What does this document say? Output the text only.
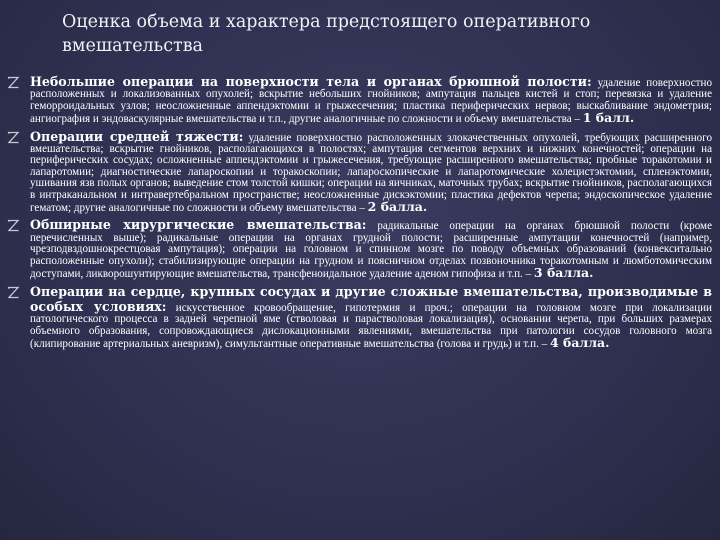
Оценка объема и характера предстоящего оперативного вмешательства
Небольшие операции на поверхности тела и органах брюшной полости: удаление поверхностно расположенных и локализованных опухолей; вскрытие небольших гнойников; ампутация пальцев кистей и стоп; перевязка и удаление геморроидальных узлов; неосложненные аппендэктомии и грыжесечения; пластика периферических нервов; выскабливание эндометрия; ангиография и эндоваскулярные вмешательства и т.п., другие аналогичные по сложности и объему вмешательства – 1 балл.
Операции средней тяжести: удаление поверхностно расположенных злокачественных опухолей, требующих расширенного вмешательства; вскрытие гнойников, располагающихся в полостях; ампутация сегментов верхних и нижних конечностей; операции на периферических сосудах; осложненные аппендэктомии и грыжесечения, требующие расширенного вмешательства; пробные торакотомии и лапаротомии; диагностические лапароскопии и торакоскопии; лапароскопические и лапаротомические холецистэктомии, спленэктомии, ушивания язв полых органов; выведение стом толстой кишки; операции на яичниках, маточных трубах; вскрытие гнойников, располагающихся в интраканальном и интравертебральном пространстве; неосложненные дискэктомии; пластика дефектов черепа; эндоскопическое удаление гематом; другие аналогичные по сложности и объему вмешательства – 2 балла.
Обширные хирургические вмешательства: радикальные операции на органах брюшной полости (кроме перечисленных выше); радикальные операции на органах грудной полости; расширенные ампутации конечностей (например, чрезподвздошнокрестцовая ампутация); операции на головном и спинном мозге по поводу объемных образований (конвекситально расположенные опухоли); стабилизирующие операции на грудном и поясничном отделах позвоночника торакотомным и люмботомическим доступами, ликворошунтирующие вмешательства, трансфеноидальное удаление аденом гипофиза и т.п. – 3 балла.
Операции на сердце, крупных сосудах и другие сложные вмешательства, производимые в особых условиях: искусственное кровообращение, гипотермия и проч.; операции на головном мозге при локализации патологического процесса в задней черепной яме (стволовая и парастволовая локализация), основании черепа, при больших размерах объемного образования, сопровождающиеся дислокационными явлениями, вмешательства при патологии сосудов головного мозга (клипирование артериальных аневризм), симультантные оперативные вмешательства (голова и грудь) и т.п. – 4 балла.
